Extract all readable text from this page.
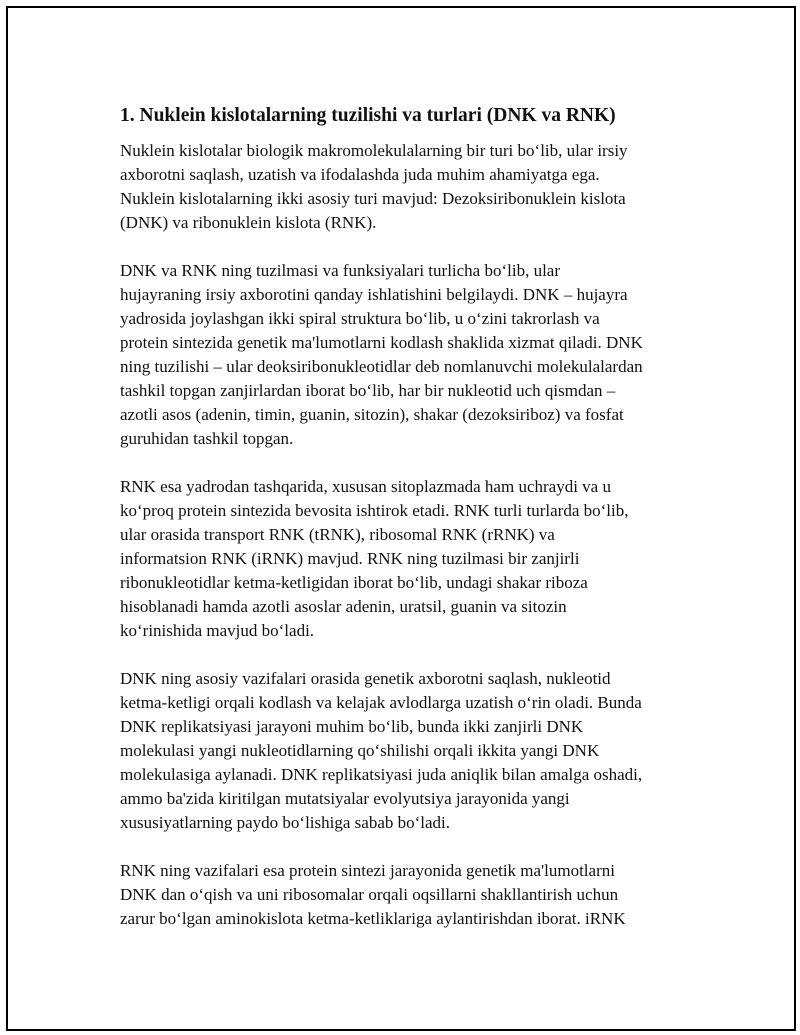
1. Nuklein kislotalarning tuzilishi va turlari (DNK va RNK)

Nuklein kislotalar biologik makromolekulalarning bir turi bo‘lib, ular irsiy
axborotni saqlash, uzatish va ifodalashda juda muhim ahamiyatga ega.
Nuklein kislotalarning ikki asosiy turi mavjud: Dezoksiribonuklein kislota
(DNK) va ribonuklein kislota (RNK).

DNK va RNK ning tuzilmasi va funksiyalari turlicha bo‘lib, ular
hujayraning irsiy axborotini qanday ishlatishini belgilaydi. DNK – hujayra
yadrosida joylashgan ikki spiral struktura bo‘lib, u o‘zini takrorlash va
protein sintezida genetik ma'lumotlarni kodlash shaklida xizmat qiladi. DNK
ning tuzilishi – ular deoksiribonukleotidlar deb nomlanuvchi molekulalardan
tashkil topgan zanjirlardan iborat bo‘lib, har bir nukleotid uch qismdan –
azotli asos (adenin, timin, guanin, sitozin), shakar (dezoksiriboz) va fosfat
guruhidan tashkil topgan.

RNK esa yadrodan tashqarida, xususan sitoplazmada ham uchraydi va u
ko‘proq protein sintezida bevosita ishtirok etadi. RNK turli turlarda bo‘lib,
ular orasida transport RNK (tRNK), ribosomal RNK (rRNK) va
informatsion RNK (iRNK) mavjud. RNK ning tuzilmasi bir zanjirli
ribonukleotidlar ketma-ketligidan iborat bo‘lib, undagi shakar riboza
hisoblanadi hamda azotli asoslar adenin, uratsil, guanin va sitozin
ko‘rinishida mavjud bo‘ladi.

DNK ning asosiy vazifalari orasida genetik axborotni saqlash, nukleotid
ketma-ketligi orqali kodlash va kelajak avlodlarga uzatish o‘rin oladi. Bunda
DNK replikatsiyasi jarayoni muhim bo‘lib, bunda ikki zanjirli DNK
molekulasi yangi nukleotidlarning qo‘shilishi orqali ikkita yangi DNK
molekulasiga aylanadi. DNK replikatsiyasi juda aniqlik bilan amalga oshadi,
ammo ba'zida kiritilgan mutatsiyalar evolyutsiya jarayonida yangi
xususiyatlarning paydo bo‘lishiga sabab bo‘ladi.

RNK ning vazifalari esa protein sintezi jarayonida genetik ma'lumotlarni
DNK dan o‘qish va uni ribosomalar orqali oqsillarni shakllantirish uchun
zarur bo‘lgan aminokislota ketma-ketliklariga aylantirishdan iborat. iRNK
